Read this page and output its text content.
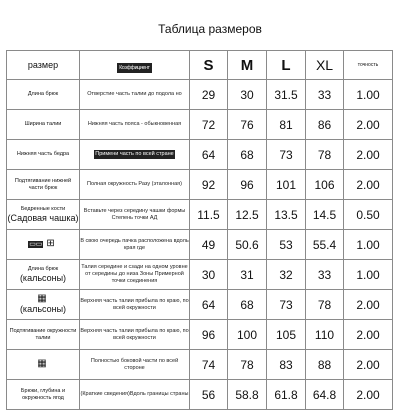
Таблица размеров
размер	Коэффициент	S	M	L	XL	точность
Длина брюк	Отверстие часть талии до подола но	29	30	31.5	33	1.00
Ширина талии	Нижняя часть пояса - обыкновенная	72	76	81	86	2.00
Нижняя часть бедра	Примени часть по всей стране	64	68	73	78	2.00
Подтягивание нижней части брюк	Полная окружность Разу (эталонная)	92	96	101	106	2.00
Бедренные кости
(Садовая чашка)	Вставьте через середину чашки формы Степень точки АД	11.5	12.5	13.5	14.5	0.50
▭▭ ⊞	В свою очередь пачка расположена вдоль края где	49	50.6	53	55.4	1.00
Длина брюк
(кальсоны)	Талия середине и сзади на одном уровне от середины до низа Зоны Примерной точки соединения	30	31	32	33	1.00
▦
(кальсоны)	Верхняя часть талии прибыла по краю, по всей окружности	64	68	73	78	2.00
Подтягивание окружности талии	Верхняя часть талии прибыла по краю, по всей окружности	96	100	105	110	2.00
▦	Полностью боковой части по всей стороне	74	78	83	88	2.00
Брюки, глубина и окружность ягод	(Краткие сведения)Вдоль границы страны	56	58.8	61.8	64.8	2.00
